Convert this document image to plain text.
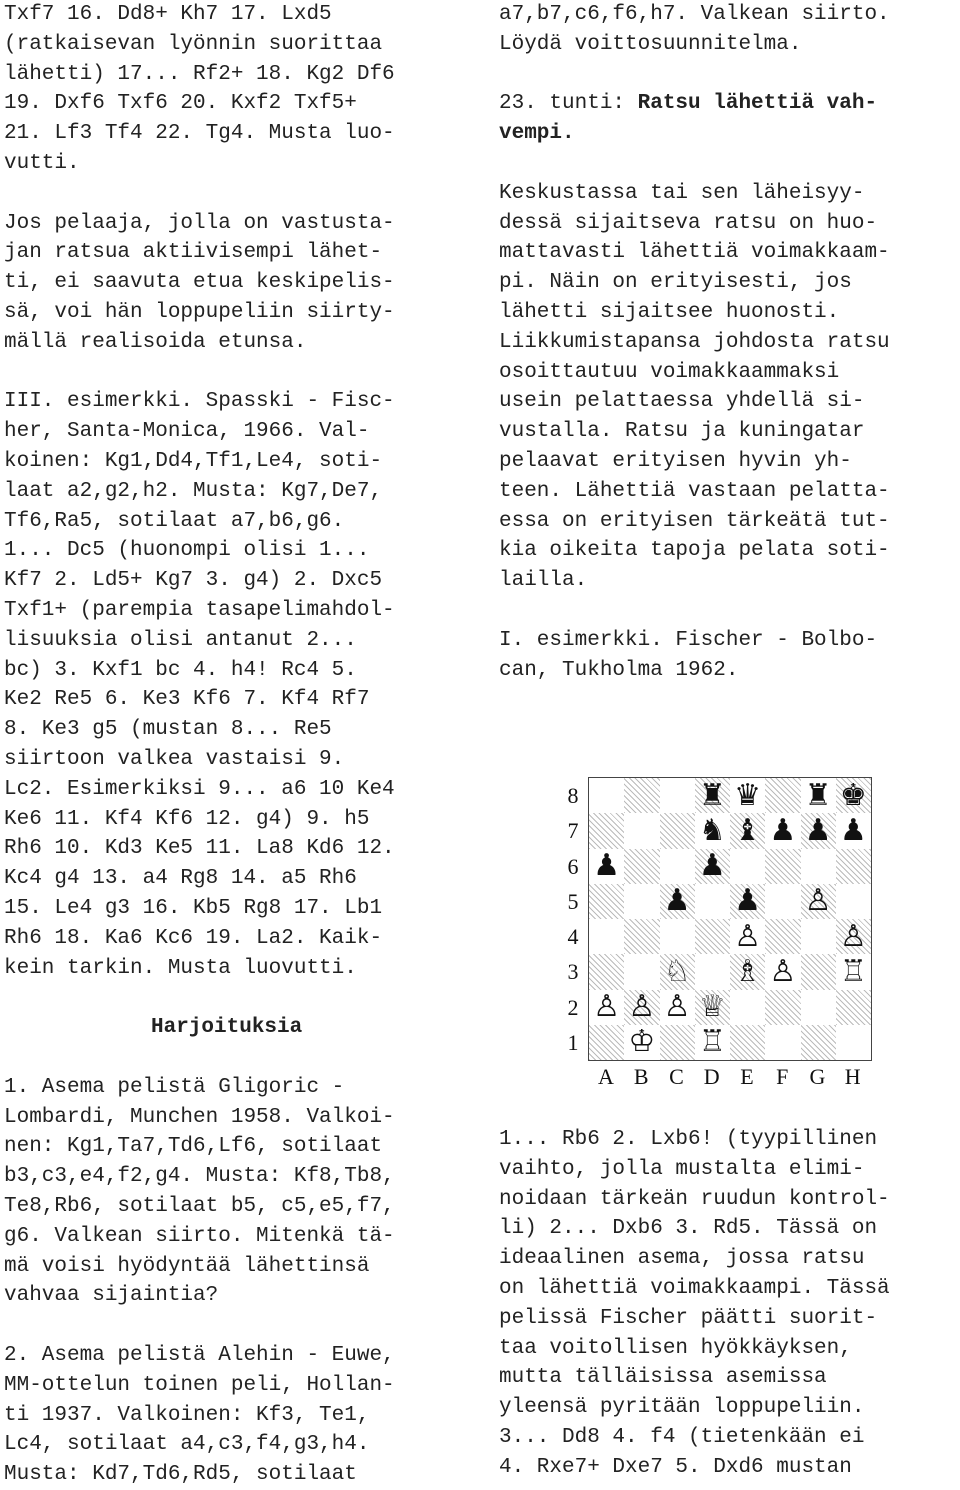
Txf7 16. Dd8+ Kh7 17. Lxd5
(ratkaisevan lyönnin suorittaa
lähetti) 17... Rf2+ 18. Kg2 Df6
19. Dxf6 Txf6 20. Kxf2 Txf5+
21. Lf3 Tf4 22. Tg4. Musta luo-
vutti.
Jos pelaaja, jolla on vastusta-
jan ratsua aktiivisempi lähet-
ti, ei saavuta etua keskipelis-
sä, voi hän loppupeliin siirty-
mällä realisoida etunsa.
III. esimerkki. Spasski - Fisc-
her, Santa-Monica, 1966. Val-
koinen: Kg1,Dd4,Tf1,Le4, soti-
laat a2,g2,h2. Musta: Kg7,De7,
Tf6,Ra5, sotilaat a7,b6,g6.
1... Dc5 (huonompi olisi 1...
Kf7 2. Ld5+ Kg7 3. g4) 2. Dxc5
Txf1+ (parempia tasapelimahdol-
lisuuksia olisi antanut 2...
bc) 3. Kxf1 bc 4. h4! Rc4 5.
Ke2 Re5 6. Ke3 Kf6 7. Kf4 Rf7
8. Ke3 g5 (mustan 8... Re5
siirtoon valkea vastaisi 9.
Lc2. Esimerkiksi 9... a6 10 Ke4
Ke6 11. Kf4 Kf6 12. g4) 9. h5
Rh6 10. Kd3 Ke5 11. La8 Kd6 12.
Kc4 g4 13. a4 Rg8 14. a5 Rh6
15. Le4 g3 16. Kb5 Rg8 17. Lb1
Rh6 18. Ka6 Kc6 19. La2. Kaik-
kein tarkin. Musta luovutti.
Harjoituksia
1. Asema pelistä Gligoric -
Lombardi, Munchen 1958. Valkoi-
nen: Kg1,Ta7,Td6,Lf6, sotilaat
b3,c3,e4,f2,g4. Musta: Kf8,Tb8,
Te8,Rb6, sotilaat b5, c5,e5,f7,
g6. Valkean siirto. Mitenkä tä-
mä voisi hyödyntää lähettinsä
vahvaa sijaintia?
2. Asema pelistä Alehin - Euwe,
MM-ottelun toinen peli, Hollan-
ti 1937. Valkoinen: Kf3, Te1,
Lc4, sotilaat a4,c3,f4,g3,h4.
Musta: Kd7,Td6,Rd5, sotilaat
a7,b7,c6,f6,h7. Valkean siirto.
Löydä voittosuunnitelma.
23. tunti: Ratsu lähettiä vah-
vempi.
Keskustassa tai sen läheisyy-
dessä sijaitseva ratsu on huo-
mattavasti lähettiä voimakkaam-
pi. Näin on erityisesti, jos
lähetti sijaitsee huonosti.
Liikkumistapansa johdosta ratsu
osoittautuu voimakkaammaksi
usein pelattaessa yhdellä si-
vustalla. Ratsu ja kuningatar
pelaavat erityisen hyvin yh-
teen. Lähettiä vastaan pelatta-
essa on erityisen tärkeätä tut-
kia oikeita tapoja pelata soti-
lailla.
I. esimerkki. Fischer - Bolbo-
can, Tukholma 1962.
1... Rb6 2. Lxb6! (tyypillinen
vaihto, jolla mustalta elimi-
noidaan tärkeän ruudun kontrol-
li) 2... Dxb6 3. Rd5. Tässä on
ideaalinen asema, jossa ratsu
on lähettiä voimakkaampi. Tässä
pelissä Fischer päätti suorit-
taa voitollisen hyökkäyksen,
mutta tälläisissa asemissa
yleensä pyritään loppupeliin.
3... Dd8 4. f4 (tietenkään ei
4. Rxe7+ Dxe7 5. Dxd6 mustan
♜ ♛ ♜ ♚
♞ ♝ ♟ ♟ ♟
♟	♟
♟ ♟ ♙
♙	♙
♘ ♗ ♙ ♖
♙ ♙ ♙ ♕
♔ ♖
8
7
6
5
4
3
2
1
A B C D E	F G H
